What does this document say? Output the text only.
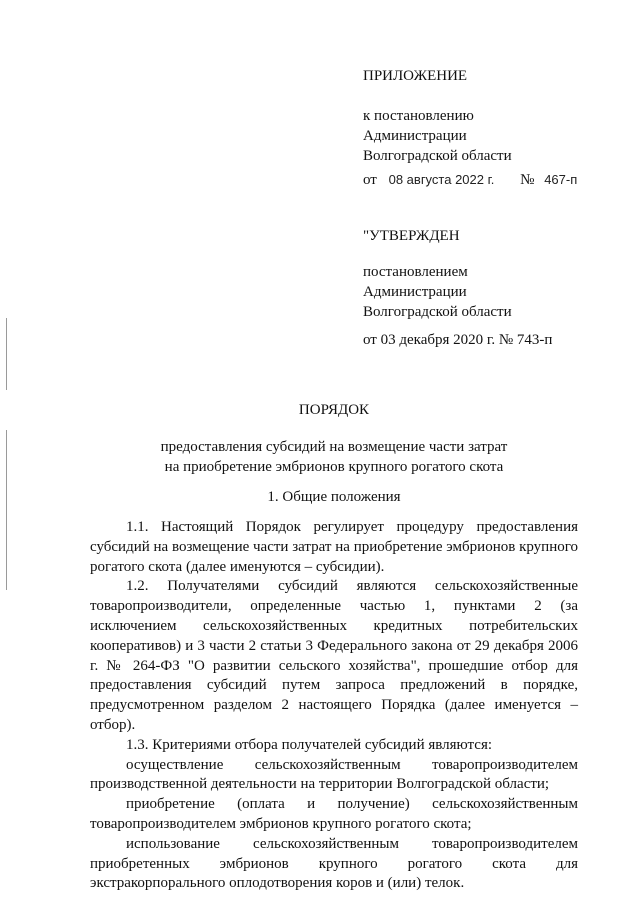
ПРИЛОЖЕНИЕ
к постановлению
Администрации
Волгоградской области
от 08 августа 2022 г. № 467-п
"УТВЕРЖДЕН
постановлением
Администрации
Волгоградской области
от 03 декабря 2020 г. № 743-п
ПОРЯДОК
предоставления субсидий на возмещение части затрат
на приобретение эмбрионов крупного рогатого скота
1. Общие положения

1.1. Настоящий Порядок регулирует процедуру предоставления субсидий на возмещение части затрат на приобретение эмбрионов крупного рогатого скота (далее именуются – субсидии).

1.2. Получателями субсидий являются сельскохозяйственные товаропроизводители, определенные частью 1, пунктами 2 (за исключением сельскохозяйственных кредитных потребительских кооперативов) и 3 части 2 статьи 3 Федерального закона от 29 декабря 2006 г. № 264-ФЗ "О развитии сельского хозяйства", прошедшие отбор для предоставления субсидий путем запроса предложений в порядке, предусмотренном разделом 2 настоящего Порядка (далее именуется – отбор).

1.3. Критериями отбора получателей субсидий являются:

осуществление сельскохозяйственным товаропроизводителем производственной деятельности на территории Волгоградской области;

приобретение (оплата и получение) сельскохозяйственным товаропроизводителем эмбрионов крупного рогатого скота;

использование сельскохозяйственным товаропроизводителем приобретенных эмбрионов крупного рогатого скота для экстракорпорального оплодотворения коров и (или) телок.
